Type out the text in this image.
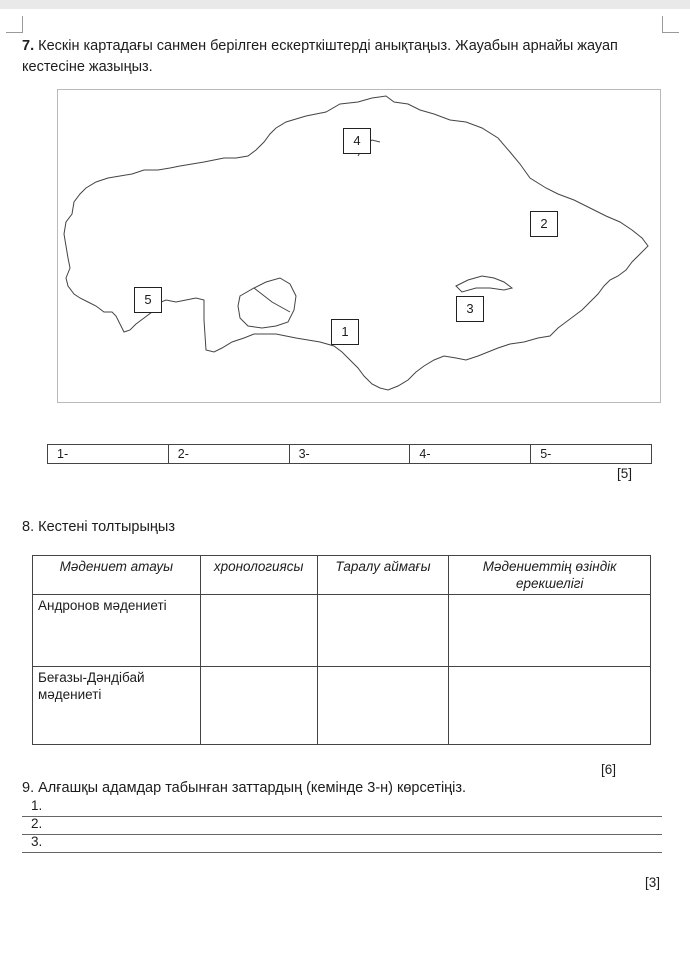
7. Кескін картадағы санмен берілген ескерткіштерді анықтаңыз. Жауабын арнайы жауап кестесіне жазыңыз.
4
2
5
3
1
1-	2-	3-	4-	5-
[5]
8. Кестені толтырыңыз
Мәдениет атауы	хронологиясы	Таралу аймағы	Мәдениеттің өзіндік ерекшелігі
Андронов мәдениеті			
Беғазы-Дәндібай мәдениеті			
[6]
9. Алғашқы адамдар табынған заттардың (кемінде 3-н) көрсетіңіз.
1.
2.
3.
[3]
